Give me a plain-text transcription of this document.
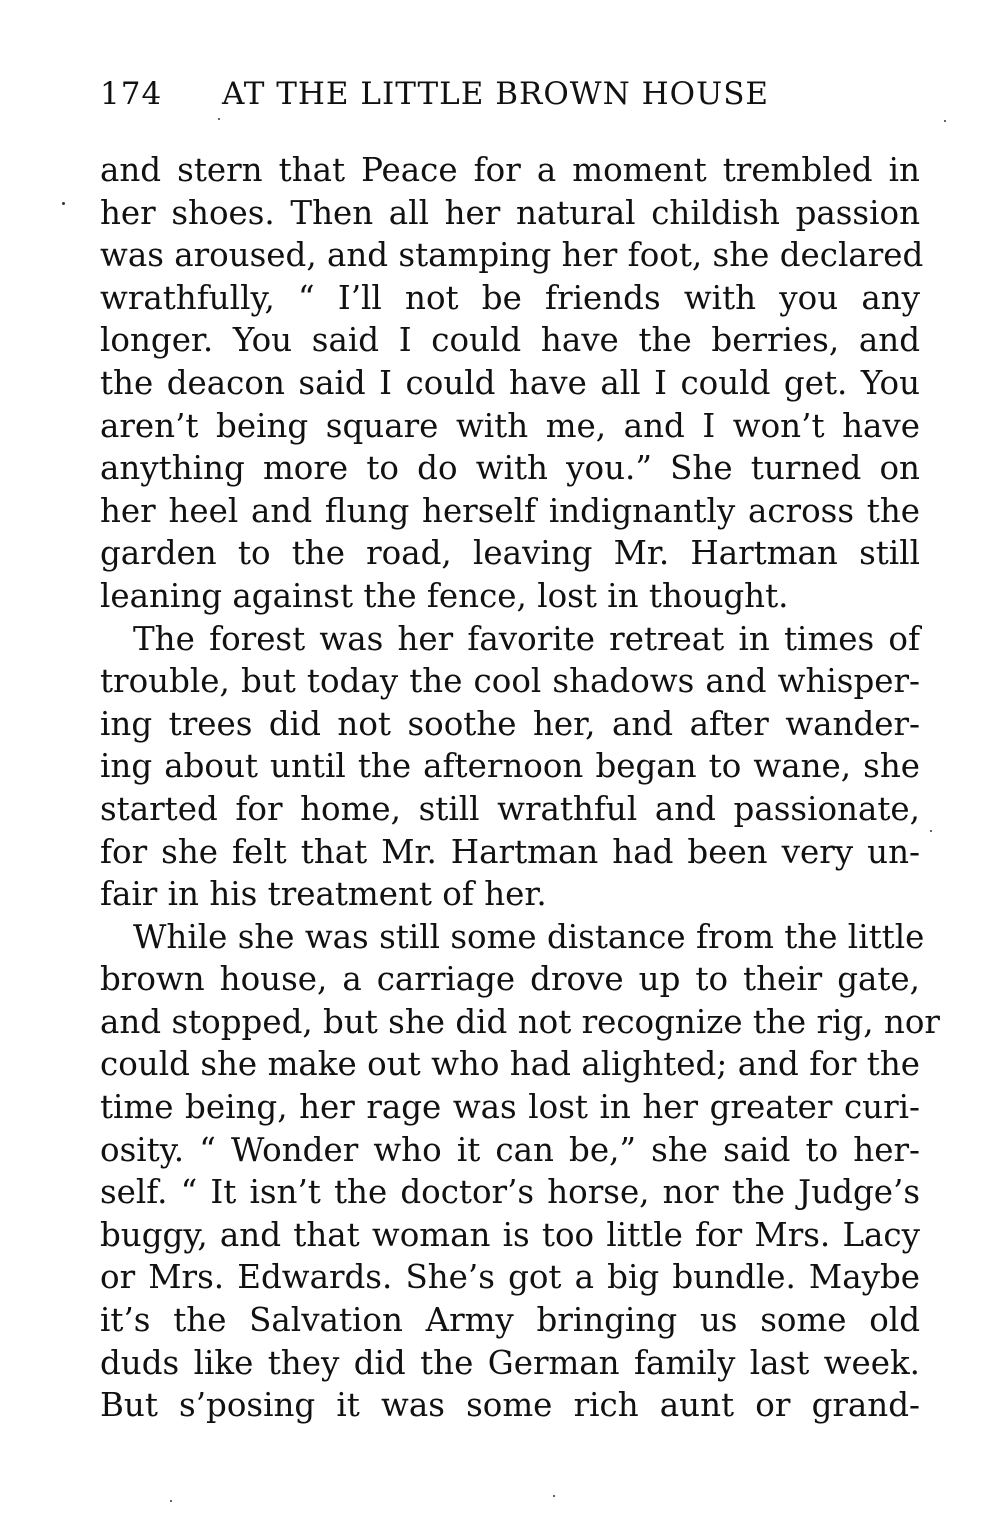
174 AT THE LITTLE BROWN HOUSE
and stern that Peace for a moment trembled in
her shoes. Then all her natural childish passion
was aroused, and stamping her foot, she declared
wrathfully, “ I’ll not be friends with you any
longer. You said I could have the berries, and
the deacon said I could have all I could get. You
aren’t being square with me, and I won’t have
anything more to do with you.” She turned on
her heel and flung herself indignantly across the
garden to the road, leaving Mr. Hartman still
leaning against the fence, lost in thought.
The forest was her favorite retreat in times of
trouble, but today the cool shadows and whisper-
ing trees did not soothe her, and after wander-
ing about until the afternoon began to wane, she
started for home, still wrathful and passionate,
for she felt that Mr. Hartman had been very un-
fair in his treatment of her.
While she was still some distance from the little
brown house, a carriage drove up to their gate,
and stopped, but she did not recognize the rig, nor
could she make out who had alighted; and for the
time being, her rage was lost in her greater curi-
osity. “ Wonder who it can be,” she said to her-
self. “ It isn’t the doctor’s horse, nor the Judge’s
buggy, and that woman is too little for Mrs. Lacy
or Mrs. Edwards. She’s got a big bundle. Maybe
it’s the Salvation Army bringing us some old
duds like they did the German family last week.
But s’posing it was some rich aunt or grand-
